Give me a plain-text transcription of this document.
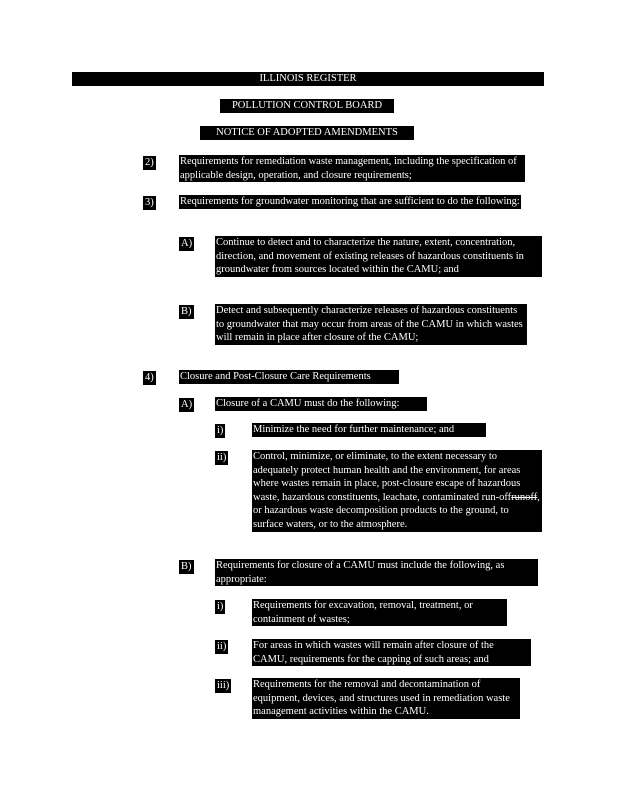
ILLINOIS REGISTER
POLLUTION CONTROL BOARD
NOTICE OF ADOPTED AMENDMENTS
2)	Requirements for remediation waste management, including the specification of applicable design, operation, and closure requirements;
3)	Requirements for groundwater monitoring that are sufficient to do the following:
A) Continue to detect and to characterize the nature, extent, concentration, direction, and movement of existing releases of hazardous constituents in groundwater from sources located within the CAMU; and
B) Detect and subsequently characterize releases of hazardous constituents to groundwater that may occur from areas of the CAMU in which wastes will remain in place after closure of the CAMU;
4)	Closure and Post-Closure Care Requirements
A) Closure of a CAMU must do the following:
i)	Minimize the need for further maintenance; and
ii)	Control, minimize, or eliminate, to the extent necessary to adequately protect human health and the environment, for areas where wastes remain in place, post-closure escape of hazardous waste, hazardous constituents, leachate, contaminated run-offrunoff, or hazardous waste decomposition products to the ground, to surface waters, or to the atmosphere.
B) Requirements for closure of a CAMU must include the following, as appropriate:
i)	Requirements for excavation, removal, treatment, or containment of wastes;
ii)	For areas in which wastes will remain after closure of the CAMU, requirements for the capping of such areas; and
iii) Requirements for the removal and decontamination of equipment, devices, and structures used in remediation waste management activities within the CAMU.
